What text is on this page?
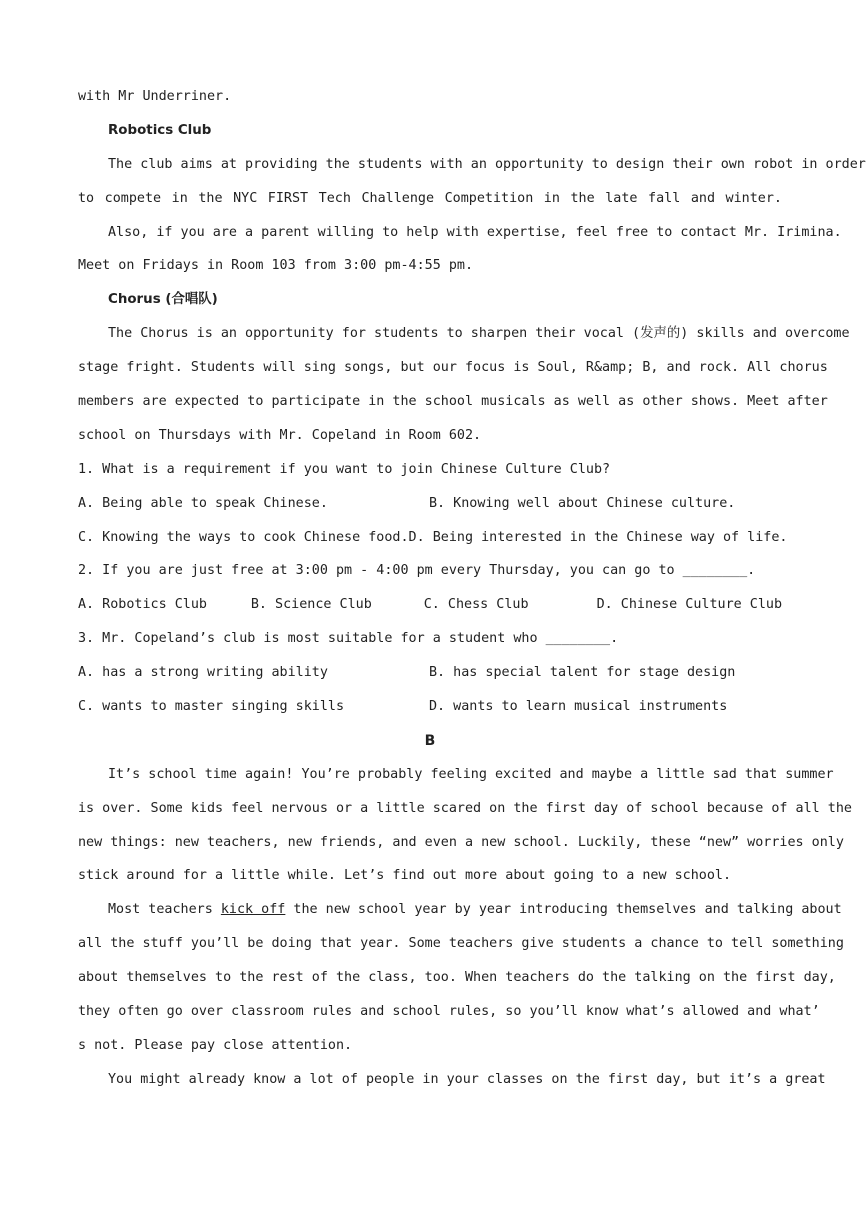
with Mr Underriner.
Robotics Club
The club aims at providing the students with an opportunity to design their own robot in order
to compete in the NYC FIRST Tech Challenge Competition in the late fall and winter.
Also, if you are a parent willing to help with expertise, feel free to contact Mr. Irimina.
Meet on Fridays in Room 103 from 3:00 pm-4:55 pm.
Chorus (合唱队)
The Chorus is an opportunity for students to sharpen their vocal (发声的) skills and overcome
stage fright. Students will sing songs, but our focus is Soul, R&amp; B, and rock. All chorus
members are expected to participate in the school musicals as well as other shows. Meet after
school on Thursdays with Mr. Copeland in Room 602.
1. What is a requirement if you want to join Chinese Culture Club?
A. Being able to speak Chinese.	B. Knowing well about Chinese culture.
C. Knowing the ways to cook Chinese food. D. Being interested in the Chinese way of life.
2. If you are just free at 3:00 pm - 4:00 pm every Thursday, you can go to ________.
A. Robotics Club	B. Science Club	C. Chess Club	D. Chinese Culture Club
3. Mr. Copeland’s club is most suitable for a student who ________.
A. has a strong writing ability	B. has special talent for stage design
C. wants to master singing skills	D. wants to learn musical instruments
B
It’s school time again! You’re probably feeling excited and maybe a little sad that summer
is over. Some kids feel nervous or a little scared on the first day of school because of all the
new things: new teachers, new friends, and even a new school. Luckily, these “new” worries only
stick around for a little while. Let’s find out more about going to a new school.
Most teachers kick off the new school year by year introducing themselves and talking about
all the stuff you’ll be doing that year. Some teachers give students a chance to tell something
about themselves to the rest of the class, too. When teachers do the talking on the first day,
they often go over classroom rules and school rules, so you’ll know what’s allowed and what’
s not. Please pay close attention.
You might already know a lot of people in your classes on the first day, but it’s a great
